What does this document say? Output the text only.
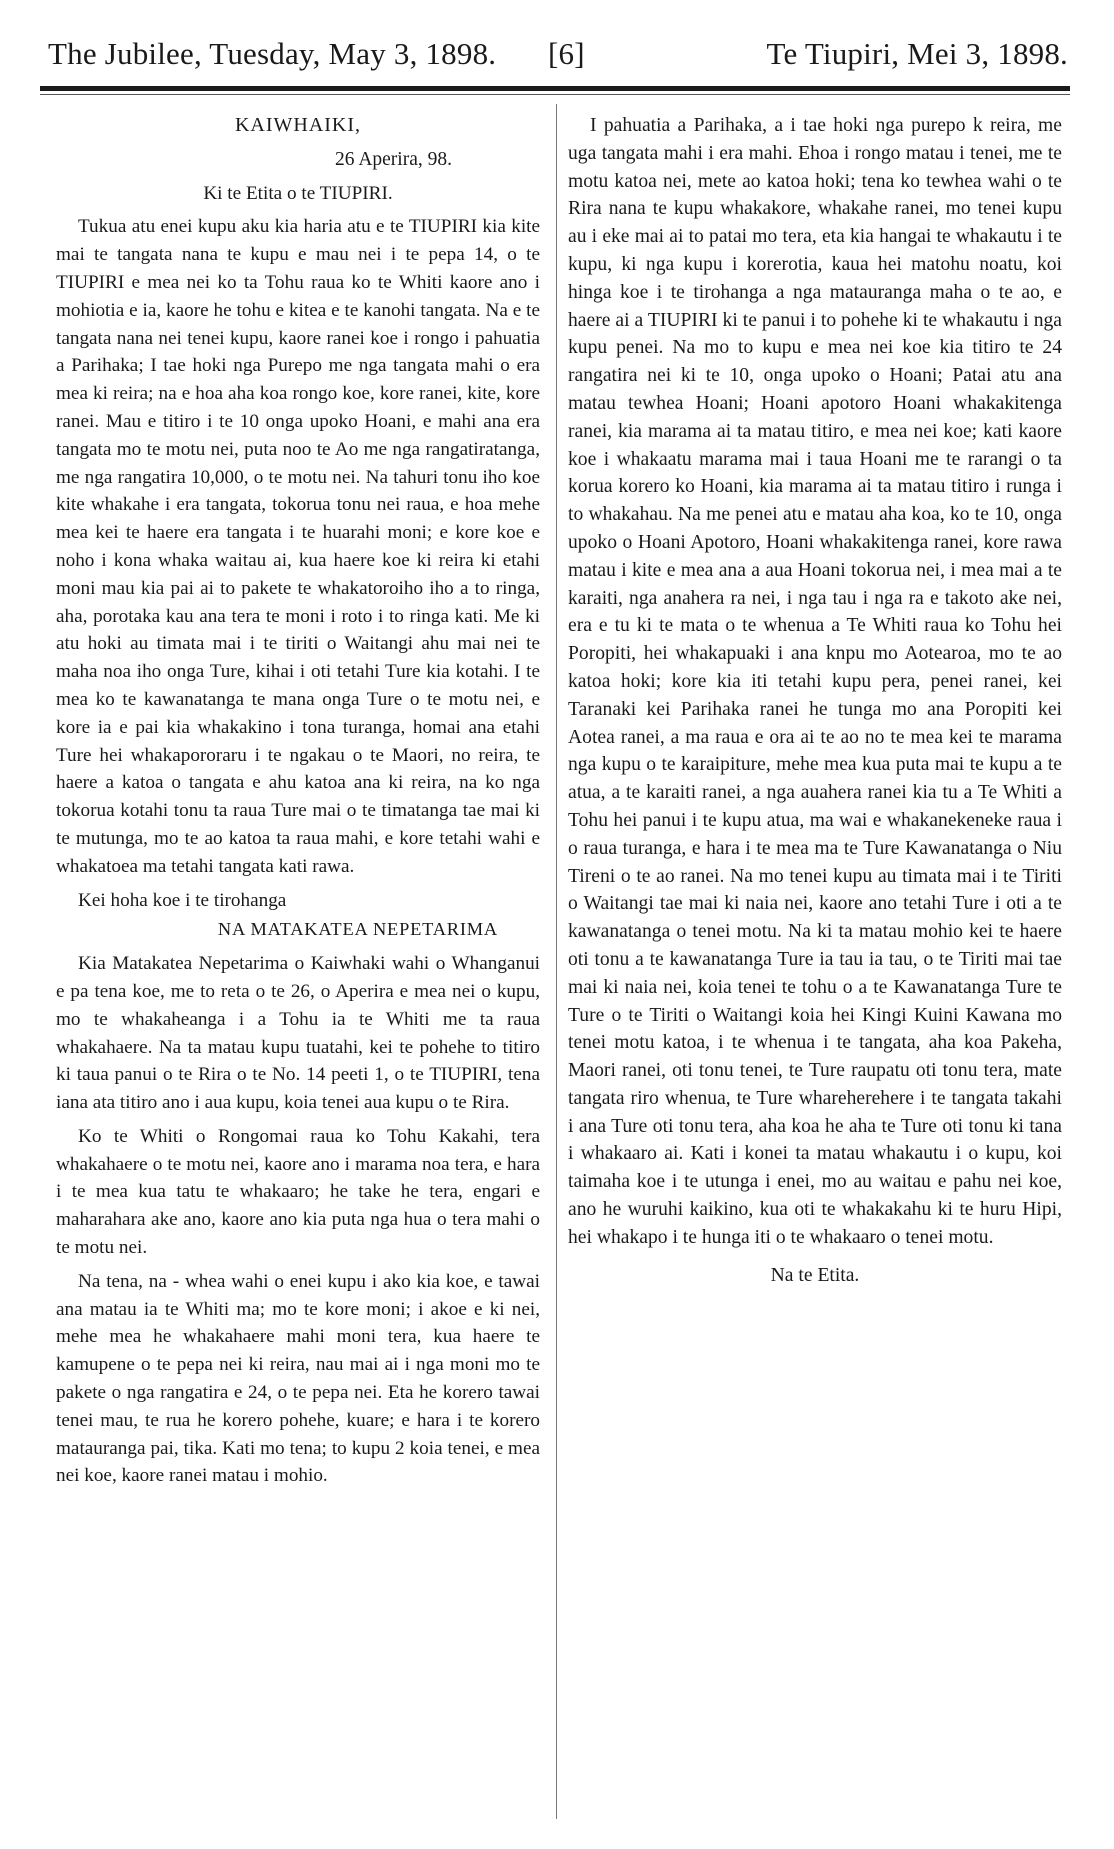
The Jubilee, Tuesday, May 3, 1898. [6]	Te Tiupiri, Mei 3, 1898.

KAIWHAIKI,

26 Aperira, 98.

Ki te Etita o te TIUPIRI.

Tukua atu enei kupu aku kia haria atu e te TIUPIRI kia kite mai te tangata nana te kupu e mau nei i te pepa 14, o te TIUPIRI e mea nei ko ta Tohu raua ko te Whiti kaore ano i mohiotia e ia, kaore he tohu e kitea e te kanohi tangata. Na e te tangata nana nei tenei kupu, kaore ranei koe i rongo i pahuatia a Parihaka; I tae hoki nga Purepo me nga tangata mahi o era mea ki reira; na e hoa aha koa rongo koe, kore ranei, kite, kore ranei. Mau e titiro i te 10 onga upoko Hoani, e mahi ana era tangata mo te motu nei, puta noo te Ao me nga rangatiratanga, me nga rangatira 10,000, o te motu nei. Na tahuri tonu iho koe kite whakahe i era tangata, tokorua tonu nei raua, e hoa mehe mea kei te haere era tangata i te huarahi moni; e kore koe e noho i kona whaka waitau ai, kua haere koe ki reira ki etahi moni mau kia pai ai to pakete te whakatoroiho iho a to ringa, aha, porotaka kau ana tera te moni i roto i to ringa kati. Me ki atu hoki au timata mai i te tiriti o Waitangi ahu mai nei te maha noa iho onga Ture, kihai i oti tetahi Ture kia kotahi. I te mea ko te kawanatanga te mana onga Ture o te motu nei, e kore ia e pai kia whakakino i tona turanga, homai ana etahi Ture hei whakapororaru i te ngakau o te Maori, no reira, te haere a katoa o tangata e ahu katoa ana ki reira, na ko nga tokorua kotahi tonu ta raua Ture mai o te timatanga tae mai ki te mutunga, mo te ao katoa ta raua mahi, e kore tetahi wahi e whakatoea ma tetahi tangata kati rawa.

Kei hoha koe i te tirohanga

NA MATAKATEA NEPETARIMA

Kia Matakatea Nepetarima o Kaiwhaki wahi o Whanganui e pa tena koe, me to reta o te 26, o Aperira e mea nei o kupu, mo te whakaheanga i a Tohu ia te Whiti me ta raua whakahaere. Na ta matau kupu tuatahi, kei te pohehe to titiro ki taua panui o te Rira o te No. 14 peeti 1, o te TIUPIRI, tena iana ata titiro ano i aua kupu, koia tenei aua kupu o te Rira.

Ko te Whiti o Rongomai raua ko Tohu Kakahi, tera whakahaere o te motu nei, kaore ano i marama noa tera, e hara i te mea kua tatu te whakaaro; he take he tera, engari e maharahara ake ano, kaore ano kia puta nga hua o tera mahi o te motu nei.

Na tena, na - whea wahi o enei kupu i ako kia koe, e tawai ana matau ia te Whiti ma; mo te kore moni; i akoe e ki nei, mehe mea he whakahaere mahi moni tera, kua haere te kamupene o te pepa nei ki reira, nau mai ai i nga moni mo te pakete o nga rangatira e 24, o te pepa nei. Eta he korero tawai tenei mau, te rua he korero pohehe, kuare; e hara i te korero matauranga pai, tika. Kati mo tena; to kupu 2 koia tenei, e mea nei koe, kaore ranei matau i mohio.

I pahuatia a Parihaka, a i tae hoki nga purepo k reira, me uga tangata mahi i era mahi. Ehoa i rongo matau i tenei, me te motu katoa nei, mete ao katoa hoki; tena ko tewhea wahi o te Rira nana te kupu whakakore, whakahe ranei, mo tenei kupu au i eke mai ai to patai mo tera, eta kia hangai te whakautu i te kupu, ki nga kupu i korerotia, kaua hei matohu noatu, koi hinga koe i te tirohanga a nga matauranga maha o te ao, e haere ai a TIUPIRI ki te panui i to pohehe ki te whakautu i nga kupu penei. Na mo to kupu e mea nei koe kia titiro te 24 rangatira nei ki te 10, onga upoko o Hoani; Patai atu ana matau tewhea Hoani; Hoani apotoro Hoani whakakitenga ranei, kia marama ai ta matau titiro, e mea nei koe; kati kaore koe i whakaatu marama mai i taua Hoani me te rarangi o ta korua korero ko Hoani, kia marama ai ta matau titiro i runga i to whakahau. Na me penei atu e matau aha koa, ko te 10, onga upoko o Hoani Apotoro, Hoani whakakitenga ranei, kore rawa matau i kite e mea ana a aua Hoani tokorua nei, i mea mai a te karaiti, nga anahera ra nei, i nga tau i nga ra e takoto ake nei, era e tu ki te mata o te whenua a Te Whiti raua ko Tohu hei Poropiti, hei whakapuaki i ana knpu mo Aotearoa, mo te ao katoa hoki; kore kia iti tetahi kupu pera, penei ranei, kei Taranaki kei Parihaka ranei he tunga mo ana Poropiti kei Aotea ranei, a ma raua e ora ai te ao no te mea kei te marama nga kupu o te karaipiture, mehe mea kua puta mai te kupu a te atua, a te karaiti ranei, a nga auahera ranei kia tu a Te Whiti a Tohu hei panui i te kupu atua, ma wai e whakanekeneke raua i o raua turanga, e hara i te mea ma te Ture Kawanatanga o Niu Tireni o te ao ranei. Na mo tenei kupu au timata mai i te Tiriti o Waitangi tae mai ki naia nei, kaore ano tetahi Ture i oti a te kawanatanga o tenei motu. Na ki ta matau mohio kei te haere oti tonu a te kawanatanga Ture ia tau ia tau, o te Tiriti mai tae mai ki naia nei, koia tenei te tohu o a te Kawanatanga Ture te Ture o te Tiriti o Waitangi koia hei Kingi Kuini Kawana mo tenei motu katoa, i te whenua i te tangata, aha koa Pakeha, Maori ranei, oti tonu tenei, te Ture raupatu oti tonu tera, mate tangata riro whenua, te Ture whareherehere i te tangata takahi i ana Ture oti tonu tera, aha koa he aha te Ture oti tonu ki tana i whakaaro ai. Kati i konei ta matau whakautu i o kupu, koi taimaha koe i te utunga i enei, mo au waitau e pahu nei koe, ano he wuruhi kaikino, kua oti te whakakahu ki te huru Hipi, hei whakapo i te hunga iti o te whakaaro o tenei motu.

Na te Etita.
